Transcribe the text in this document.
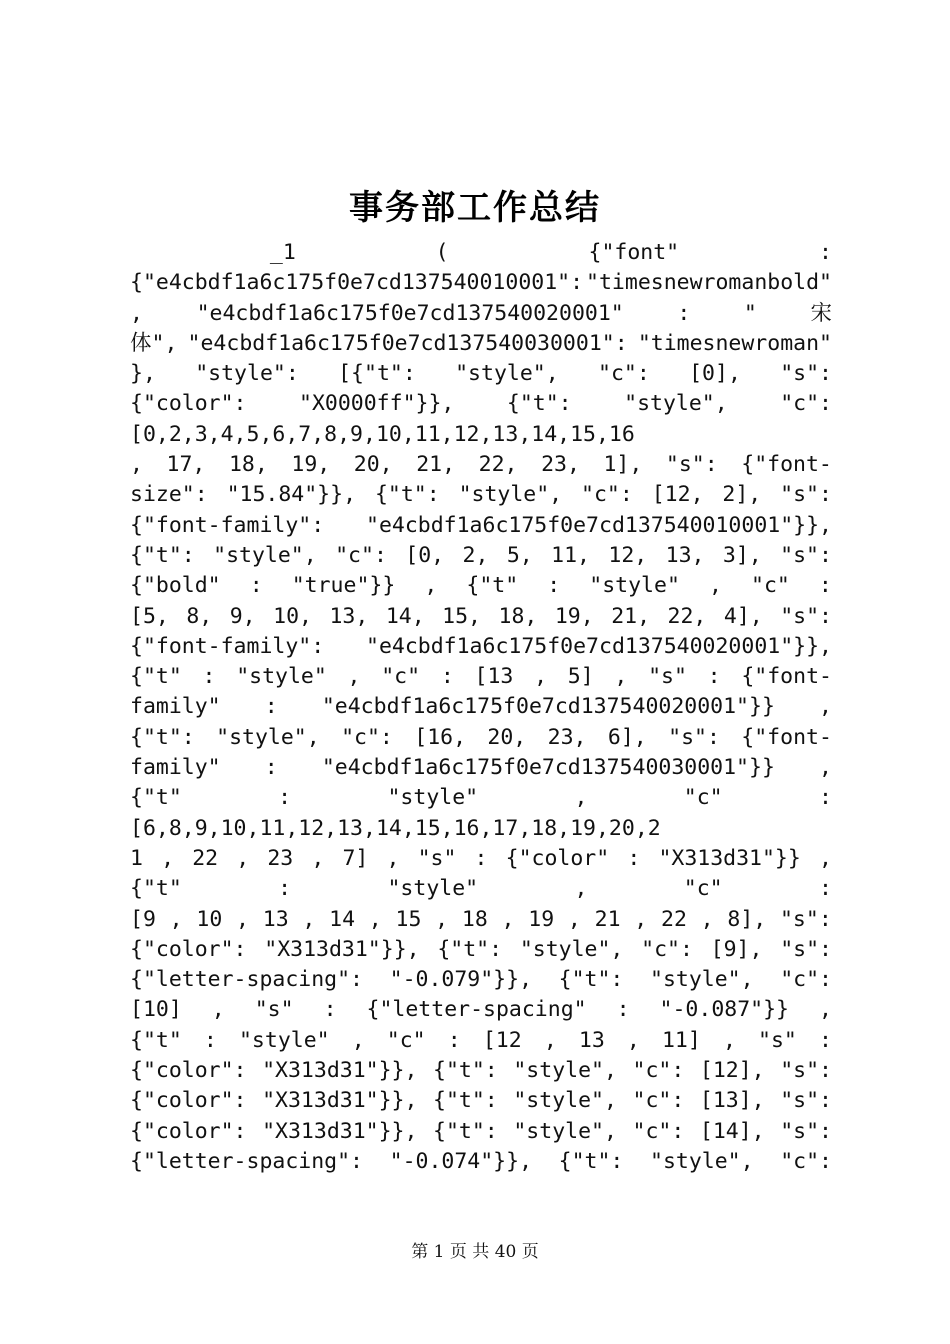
事务部工作总结
_1	(	{"font"	:
{"e4cbdf1a6c175f0e7cd137540010001": "timesnewromanbold"
, "e4cbdf1a6c175f0e7cd137540020001" : " 宋
体", "e4cbdf1a6c175f0e7cd137540030001": "timesnewroman"
}, "style": [{"t": "style", "c": [0], "s":
{"color": "X0000ff"}}, {"t": "style", "c":
[0,2,3,4,5,6,7,8,9,10,11,12,13,14,15,16
, 17, 18, 19, 20, 21, 22, 23, 1], "s": {"font-
size": "15.84"}}, {"t": "style", "c": [12, 2], "s":
{"font-family": "e4cbdf1a6c175f0e7cd137540010001"}},
{"t": "style", "c": [0, 2, 5, 11, 12, 13, 3], "s":
{"bold" : "true"}} , {"t" : "style" , "c" :
[5, 8, 9, 10, 13, 14, 15, 18, 19, 21, 22, 4], "s":
{"font-family": "e4cbdf1a6c175f0e7cd137540020001"}},
{"t" : "style" , "c" : [13 , 5] , "s" : {"font-
family" : "e4cbdf1a6c175f0e7cd137540020001"}} ,
{"t": "style", "c": [16, 20, 23, 6], "s": {"font-
family" : "e4cbdf1a6c175f0e7cd137540030001"}} ,
{"t"	:	"style"	,	"c"	:
[6,8,9,10,11,12,13,14,15,16,17,18,19,20,2
1 , 22 , 23 , 7] , "s" : {"color" : "X313d31"}} ,
{"t"	:	"style"	,	"c"	:
[9 , 10 , 13 , 14 , 15 , 18 , 19 , 21 , 22 , 8], "s":
{"color": "X313d31"}}, {"t": "style", "c": [9], "s":
{"letter-spacing": "-0.079"}}, {"t": "style", "c":
[10] , "s" : {"letter-spacing" : "-0.087"}} ,
{"t" : "style" , "c" : [12 , 13 , 11] , "s" :
{"color": "X313d31"}}, {"t": "style", "c": [12], "s":
{"color": "X313d31"}}, {"t": "style", "c": [13], "s":
{"color": "X313d31"}}, {"t": "style", "c": [14], "s":
{"letter-spacing": "-0.074"}}, {"t": "style", "c":
第 1 页 共 40 页
